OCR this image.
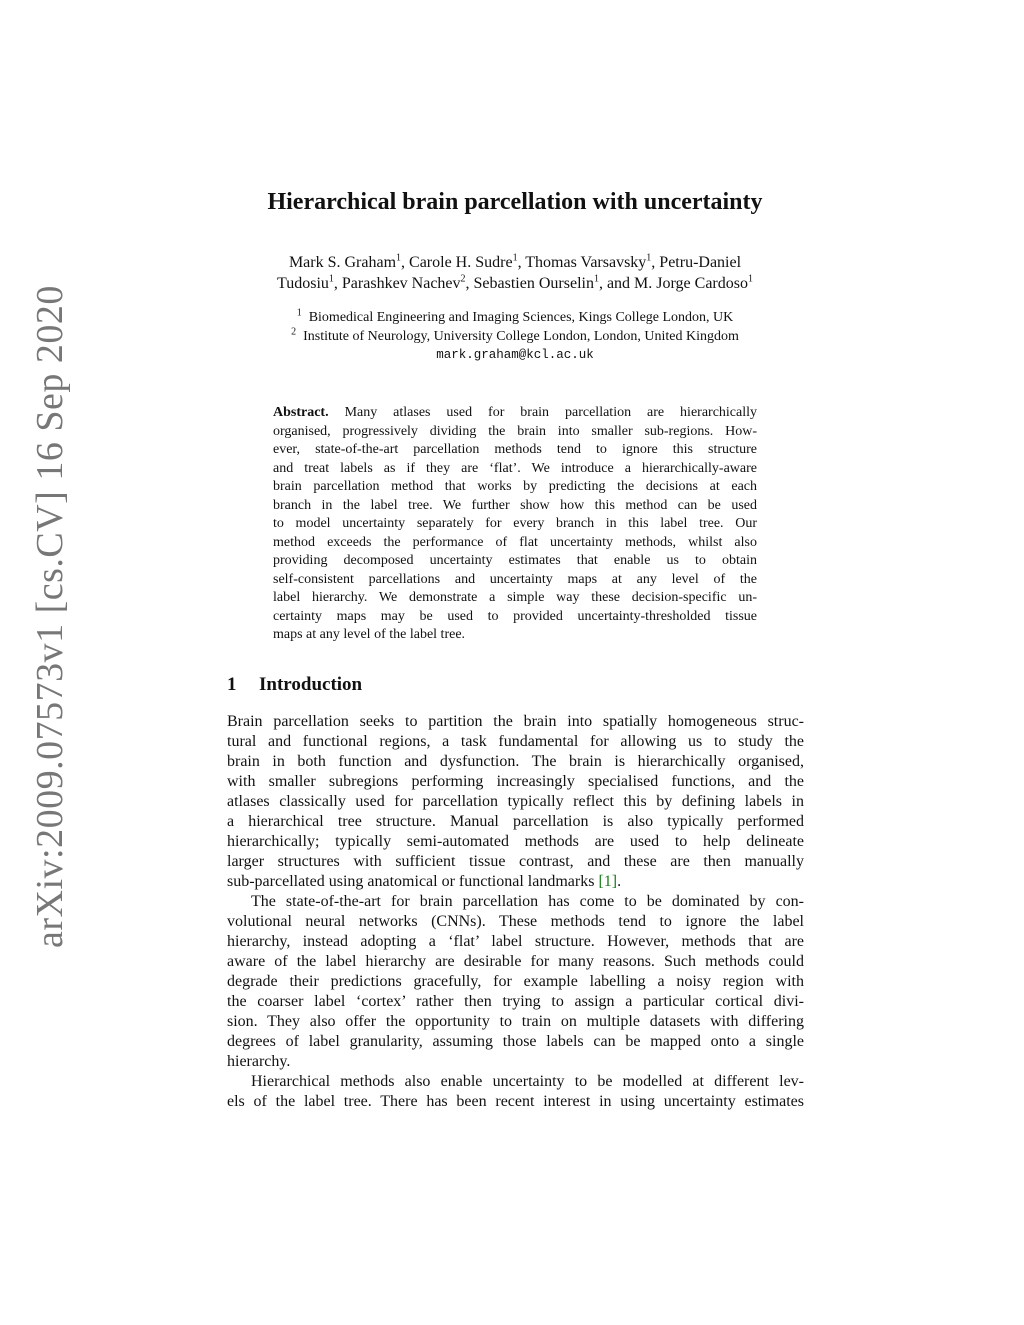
arXiv:2009.07573v1 [cs.CV] 16 Sep 2020
Hierarchical brain parcellation with uncertainty
Mark S. Graham$^1$, Carole H. Sudre$^1$, Thomas Varsavsky$^1$, Petru-Daniel
Tudosiu$^1$, Parashkev Nachev$^2$, Sebastien Ourselin$^1$, and M. Jorge Cardoso$^1$
$^1$ Biomedical Engineering and Imaging Sciences, Kings College London, UK
$^2$ Institute of Neurology, University College London, London, United Kingdom
mark.graham@kcl.ac.uk
Abstract. Many atlases used for brain parcellation are hierarchically
organised, progressively dividing the brain into smaller sub-regions. How-
ever, state-of-the-art parcellation methods tend to ignore this structure
and treat labels as if they are ‘flat’. We introduce a hierarchically-aware
brain parcellation method that works by predicting the decisions at each
branch in the label tree. We further show how this method can be used
to model uncertainty separately for every branch in this label tree. Our
method exceeds the performance of flat uncertainty methods, whilst also
providing decomposed uncertainty estimates that enable us to obtain
self-consistent parcellations and uncertainty maps at any level of the
label hierarchy. We demonstrate a simple way these decision-specific un-
certainty maps may be used to provided uncertainty-thresholded tissue
maps at any level of the label tree.
1 Introduction
Brain parcellation seeks to partition the brain into spatially homogeneous struc-
tural and functional regions, a task fundamental for allowing us to study the
brain in both function and dysfunction. The brain is hierarchically organised,
with smaller subregions performing increasingly specialised functions, and the
atlases classically used for parcellation typically reflect this by defining labels in
a hierarchical tree structure. Manual parcellation is also typically performed
hierarchically; typically semi-automated methods are used to help delineate
larger structures with sufficient tissue contrast, and these are then manually
sub-parcellated using anatomical or functional landmarks [1].
The state-of-the-art for brain parcellation has come to be dominated by con-
volutional neural networks (CNNs). These methods tend to ignore the label
hierarchy, instead adopting a ‘flat’ label structure. However, methods that are
aware of the label hierarchy are desirable for many reasons. Such methods could
degrade their predictions gracefully, for example labelling a noisy region with
the coarser label ‘cortex’ rather then trying to assign a particular cortical divi-
sion. They also offer the opportunity to train on multiple datasets with differing
degrees of label granularity, assuming those labels can be mapped onto a single
hierarchy.
Hierarchical methods also enable uncertainty to be modelled at different lev-
els of the label tree. There has been recent interest in using uncertainty estimates
